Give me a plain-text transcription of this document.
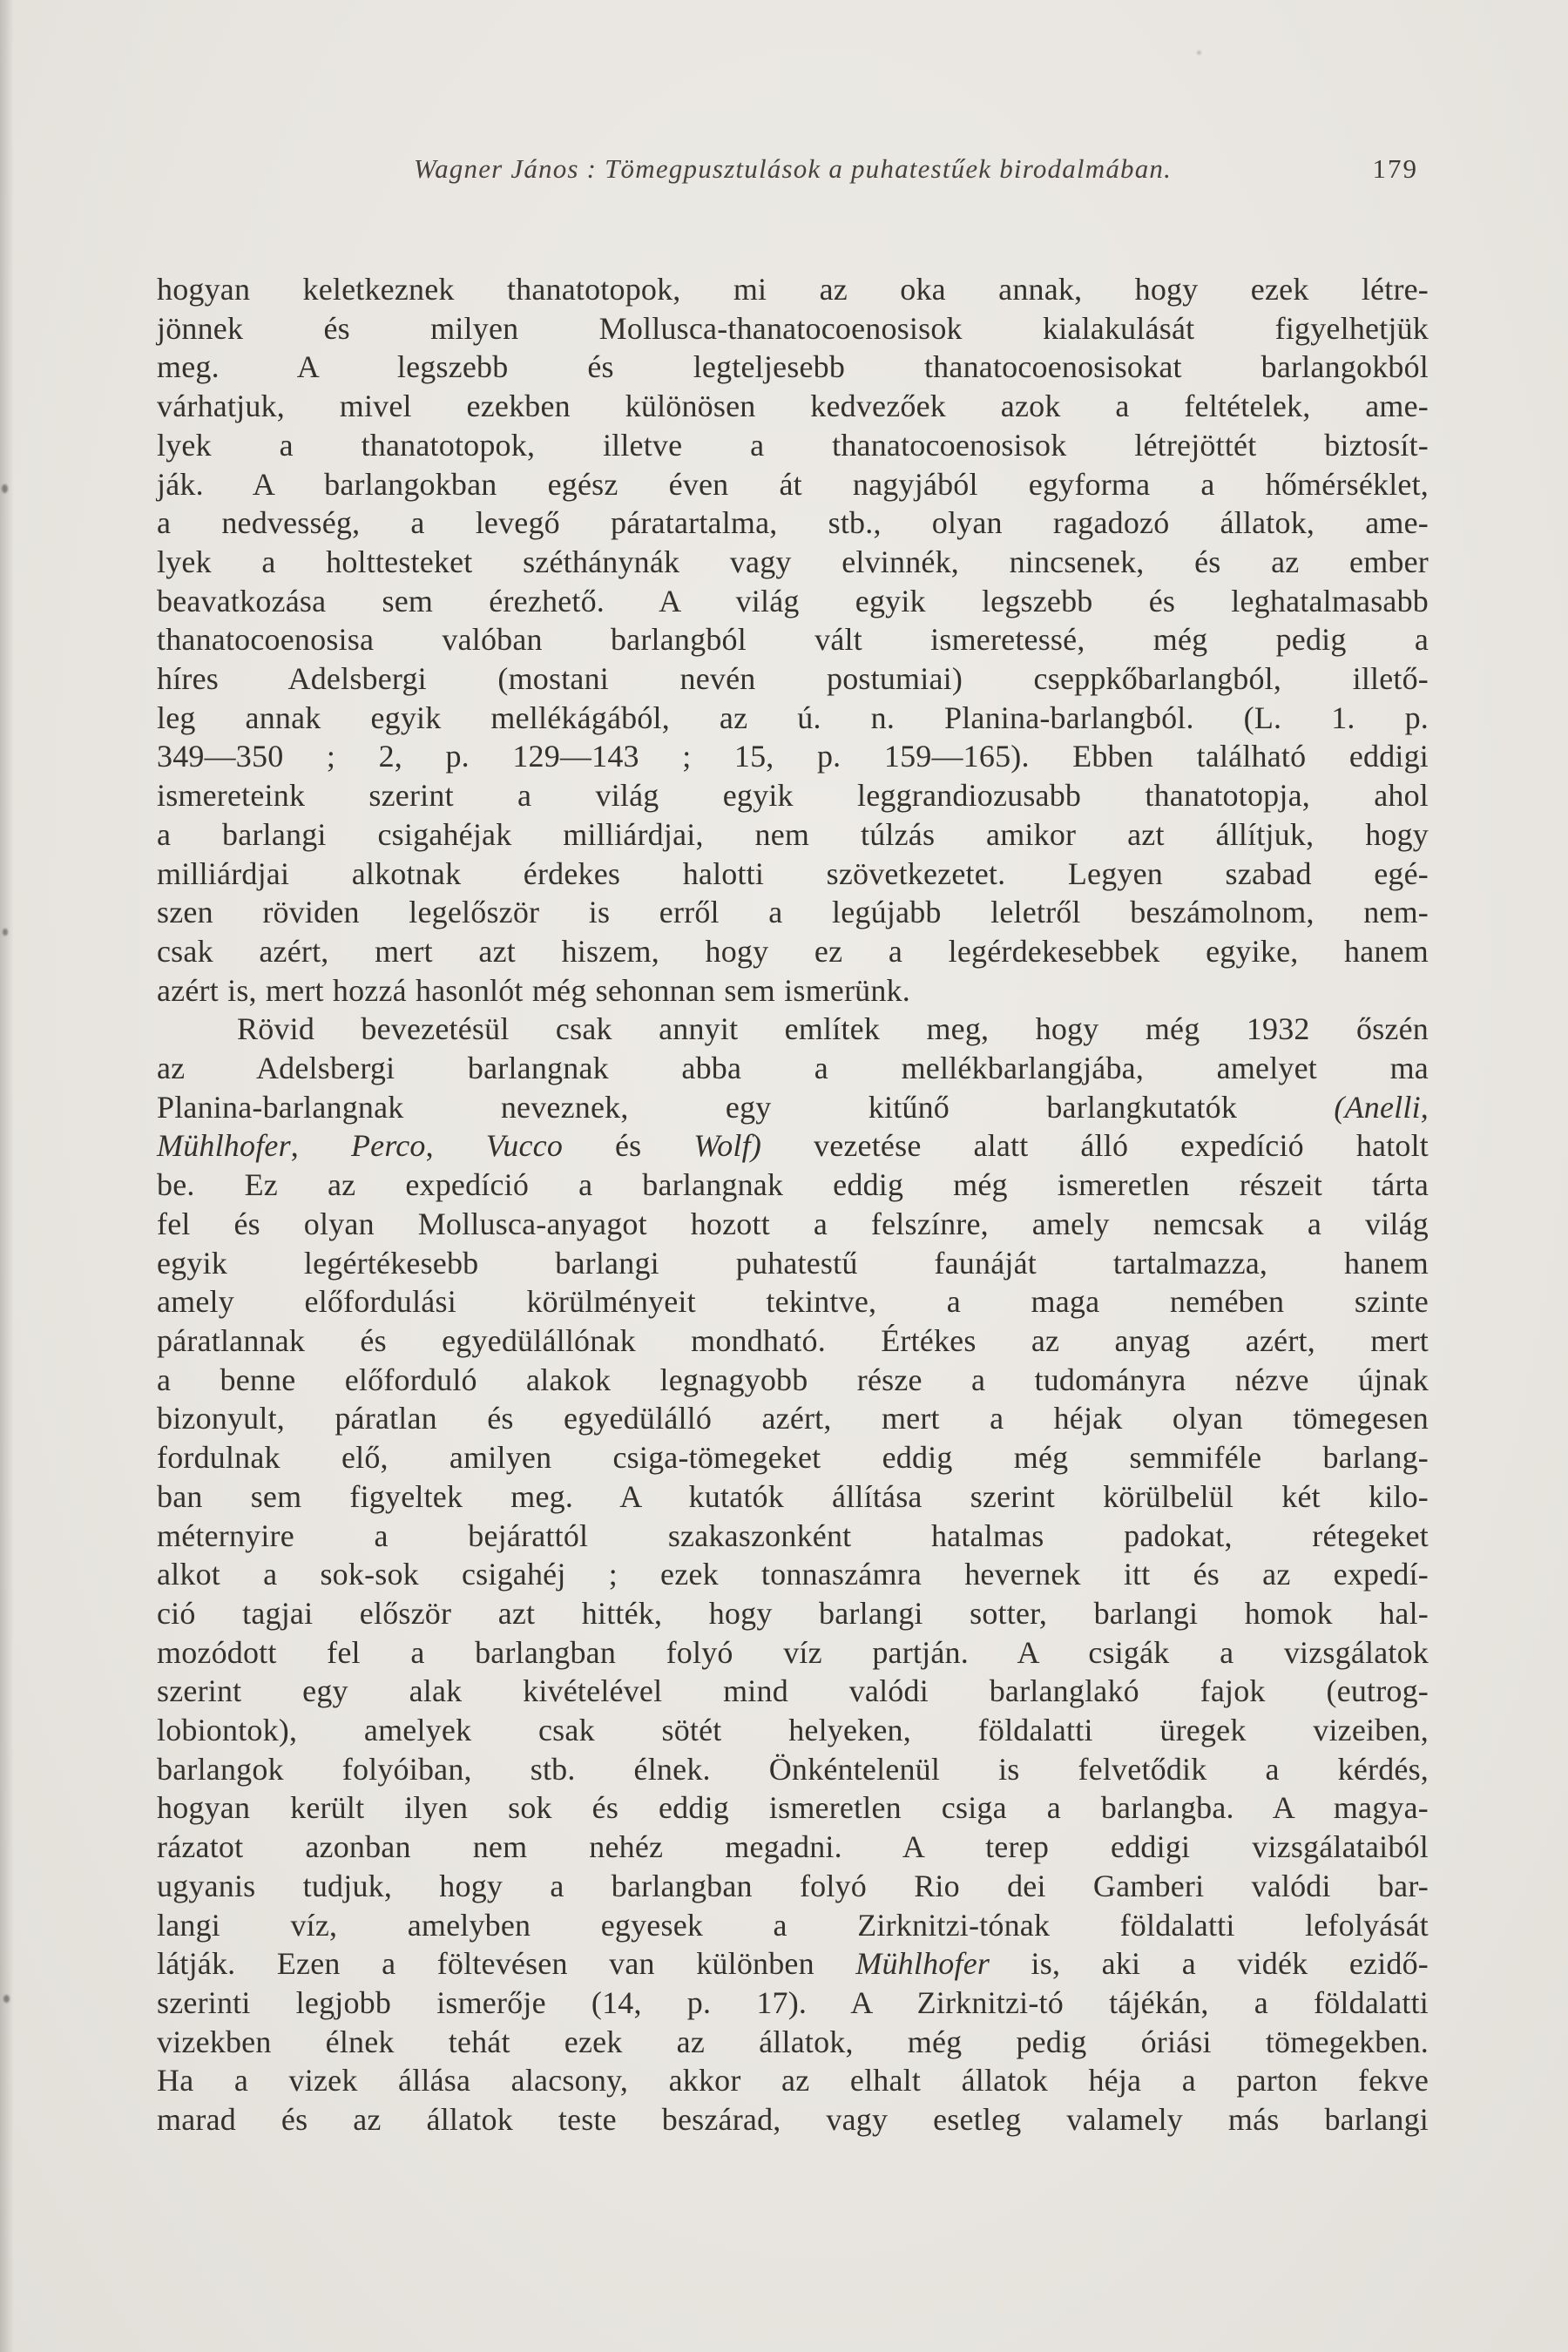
Wagner János : Tömegpusztulások a puhatestűek birodalmában.	179
hogyan keletkeznek thanatotopok, mi az oka annak, hogy ezek létre-
jönnek és milyen Mollusca-thanatocoenosisok kialakulását figyelhetjük
meg. A legszebb és legteljesebb thanatocoenosisokat barlangokból
várhatjuk, mivel ezekben különösen kedvezőek azok a feltételek, ame-
lyek a thanatotopok, illetve a thanatocoenosisok létrejöttét biztosít-
ják. A barlangokban egész éven át nagyjából egyforma a hőmérséklet,
a nedvesség, a levegő páratartalma, stb., olyan ragadozó állatok, ame-
lyek a holttesteket széthánynák vagy elvinnék, nincsenek, és az ember
beavatkozása sem érezhető. A világ egyik legszebb és leghatalmasabb
thanatocoenosisa valóban barlangból vált ismeretessé, még pedig a
híres Adelsbergi (mostani nevén postumiai) cseppkőbarlangból, illető-
leg annak egyik mellékágából, az ú. n. Planina-barlangból. (L. 1. p.
349—350 ; 2, p. 129—143 ; 15, p. 159—165). Ebben található eddigi
ismereteink szerint a világ egyik leggrandiozusabb thanatotopja, ahol
a barlangi csigahéjak milliárdjai, nem túlzás amikor azt állítjuk, hogy
milliárdjai alkotnak érdekes halotti szövetkezetet. Legyen szabad egé-
szen röviden legelőször is erről a legújabb leletről beszámolnom, nem-
csak azért, mert azt hiszem, hogy ez a legérdekesebbek egyike, hanem
azért is, mert hozzá hasonlót még sehonnan sem ismerünk.
Rövid bevezetésül csak annyit említek meg, hogy még 1932 őszén
az Adelsbergi barlangnak abba a mellékbarlangjába, amelyet ma
Planina-barlangnak neveznek, egy kitűnő barlangkutatók (Anelli,
Mühlhofer, Perco, Vucco és Wolf) vezetése alatt álló expedíció hatolt
be. Ez az expedíció a barlangnak eddig még ismeretlen részeit tárta
fel és olyan Mollusca-anyagot hozott a felszínre, amely nemcsak a világ
egyik legértékesebb barlangi puhatestű faunáját tartalmazza, hanem
amely előfordulási körülményeit tekintve, a maga nemében szinte
páratlannak és egyedülállónak mondható. Értékes az anyag azért, mert
a benne előforduló alakok legnagyobb része a tudományra nézve újnak
bizonyult, páratlan és egyedülálló azért, mert a héjak olyan tömegesen
fordulnak elő, amilyen csiga-tömegeket eddig még semmiféle barlang-
ban sem figyeltek meg. A kutatók állítása szerint körülbelül két kilo-
méternyire a bejárattól szakaszonként hatalmas padokat, rétegeket
alkot a sok-sok csigahéj ; ezek tonnaszámra hevernek itt és az expedí-
ció tagjai először azt hitték, hogy barlangi sotter, barlangi homok hal-
mozódott fel a barlangban folyó víz partján. A csigák a vizsgálatok
szerint egy alak kivételével mind valódi barlanglakó fajok (eutrog-
lobiontok), amelyek csak sötét helyeken, földalatti üregek vizeiben,
barlangok folyóiban, stb. élnek. Önkéntelenül is felvetődik a kérdés,
hogyan került ilyen sok és eddig ismeretlen csiga a barlangba. A magya-
rázatot azonban nem nehéz megadni. A terep eddigi vizsgálataiból
ugyanis tudjuk, hogy a barlangban folyó Rio dei Gamberi valódi bar-
langi víz, amelyben egyesek a Zirknitzi-tónak földalatti lefolyását
látják. Ezen a föltevésen van különben Mühlhofer is, aki a vidék ezidő-
szerinti legjobb ismerője (14, p. 17). A Zirknitzi-tó tájékán, a földalatti
vizekben élnek tehát ezek az állatok, még pedig óriási tömegekben.
Ha a vizek állása alacsony, akkor az elhalt állatok héja a parton fekve
marad és az állatok teste beszárad, vagy esetleg valamely más barlangi
